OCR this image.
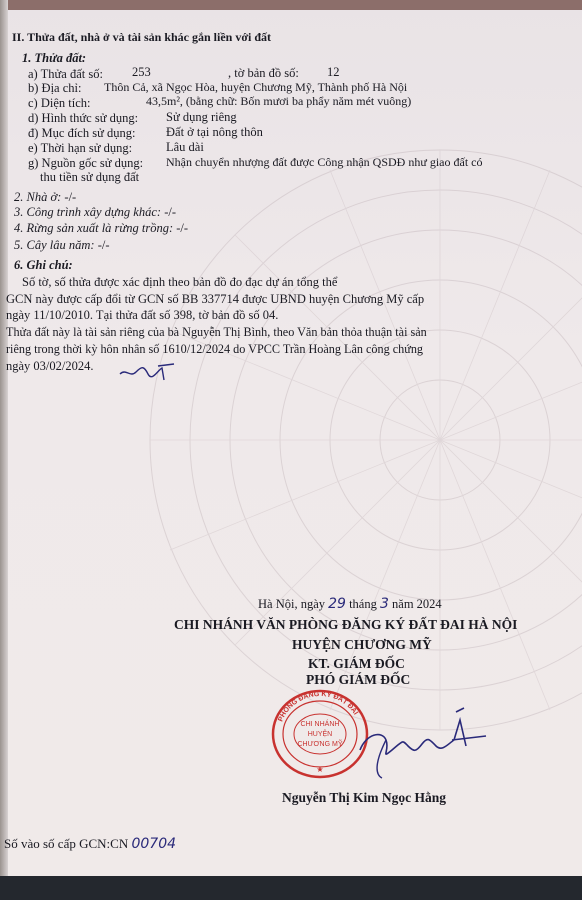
II. Thửa đất, nhà ở và tài sản khác gắn liền với đất
1. Thửa đất:
a) Thửa đất số: 253	, tờ bản đồ số: 12
b) Địa chỉ: Thôn Cả, xã Ngọc Hòa, huyện Chương Mỹ, Thành phố Hà Nội
c) Diện tích:	43,5m², (bằng chữ: Bốn mươi ba phẩy năm mét vuông)
d) Hình thức sử dụng: Sử dụng riêng
đ) Mục đích sử dụng: Đất ở tại nông thôn
e) Thời hạn sử dụng:	Lâu dài
g) Nguồn gốc sử dụng: Nhận chuyển nhượng đất được Công nhận QSDĐ như giao đất có
thu tiền sử dụng đất
2. Nhà ở: -/-
3. Công trình xây dựng khác: -/-
4. Rừng sản xuất là rừng trồng: -/-
5. Cây lâu năm: -/-
6. Ghi chú:
Số tờ, số thửa được xác định theo bản đồ đo đạc dự án tổng thể
GCN này được cấp đổi từ GCN số BB 337714 được UBND huyện Chương Mỹ cấp
ngày 11/10/2010. Tại thửa đất số 398, tờ bản đồ số 04.
Thửa đất này là tài sản riêng của bà Nguyễn Thị Bình, theo Văn bản thỏa thuận tài sản
riêng trong thời kỳ hôn nhân số 1610/12/2024 do VPCC Trần Hoàng Lân công chứng
ngày 03/02/2024.
Hà Nội, ngày 29 tháng 3 năm 2024
CHI NHÁNH VĂN PHÒNG ĐĂNG KÝ ĐẤT ĐAI HÀ NỘI
HUYỆN CHƯƠNG MỸ
KT. GIÁM ĐỐC
PHÓ GIÁM ĐỐC
PHÒNG ĐĂNG KÝ ĐẤT ĐAI
CHI NHÁNH
HUYỆN
CHƯƠNG MỸ
★
Nguyễn Thị Kim Ngọc Hằng
Số vào số cấp GCN:CN 00704
